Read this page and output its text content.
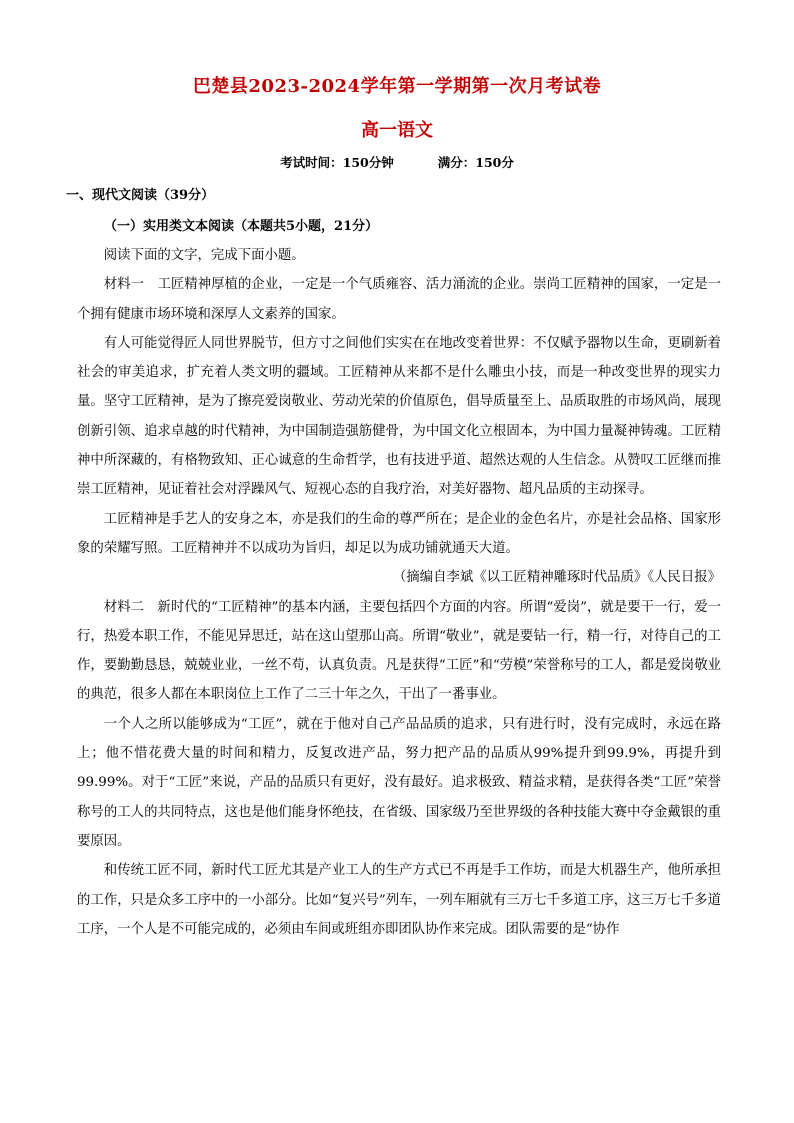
巴楚县2023-2024学年第一学期第一次月考试卷
高一语文
考试时间：150分钟	满分：150分
一、现代文阅读（39分）
（一）实用类文本阅读（本题共5小题，21分）

阅读下面的文字，完成下面小题。

材料一　工匠精神厚植的企业，一定是一个气质雍容、活力涌流的企业。崇尚工匠精神的国家，一定是一个拥有健康市场环境和深厚人文素养的国家。

有人可能觉得匠人同世界脱节，但方寸之间他们实实在在地改变着世界：不仅赋予器物以生命，更刷新着社会的审美追求，扩充着人类文明的疆域。工匠精神从来都不是什么雕虫小技，而是一种改变世界的现实力量。坚守工匠精神，是为了擦亮爱岗敬业、劳动光荣的价值原色，倡导质量至上、品质取胜的市场风尚，展现创新引领、追求卓越的时代精神，为中国制造强筋健骨，为中国文化立根固本，为中国力量凝神铸魂。工匠精神中所深藏的，有格物致知、正心诚意的生命哲学，也有技进乎道、超然达观的人生信念。从赞叹工匠继而推崇工匠精神，见证着社会对浮躁风气、短视心态的自我疗治，对美好器物、超凡品质的主动探寻。

工匠精神是手艺人的安身之本，亦是我们的生命的尊严所在；是企业的金色名片，亦是社会品格、国家形象的荣耀写照。工匠精神并不以成功为旨归，却足以为成功铺就通天大道。

（摘编自李斌《以工匠精神雕琢时代品质》《人民日报》

材料二　新时代的“工匠精神”的基本内涵，主要包括四个方面的内容。所谓“爱岗”，就是要干一行，爱一行，热爱本职工作，不能见异思迁，站在这山望那山高。所谓“敬业”，就是要钻一行，精一行，对待自己的工作，要勤勤恳恳，兢兢业业，一丝不苟，认真负责。凡是获得“工匠”和“劳模”荣誉称号的工人，都是爱岗敬业的典范，很多人都在本职岗位上工作了二三十年之久，干出了一番事业。

一个人之所以能够成为“工匠”，就在于他对自己产品品质的追求，只有进行时，没有完成时，永远在路上；他不惜花费大量的时间和精力，反复改进产品，努力把产品的品质从99%提升到99.9%，再提升到99.99%。对于“工匠”来说，产品的品质只有更好，没有最好。追求极致、精益求精，是获得各类“工匠”荣誉称号的工人的共同特点，这也是他们能身怀绝技，在省级、国家级乃至世界级的各种技能大赛中夺金戴银的重要原因。

和传统工匠不同，新时代工匠尤其是产业工人的生产方式已不再是手工作坊，而是大机器生产，他所承担的工作，只是众多工序中的一小部分。比如“复兴号”列车，一列车厢就有三万七千多道工序，这三万七千多道工序，一个人是不可能完成的，必须由车间或班组亦即团队协作来完成。团队需要的是“协作
